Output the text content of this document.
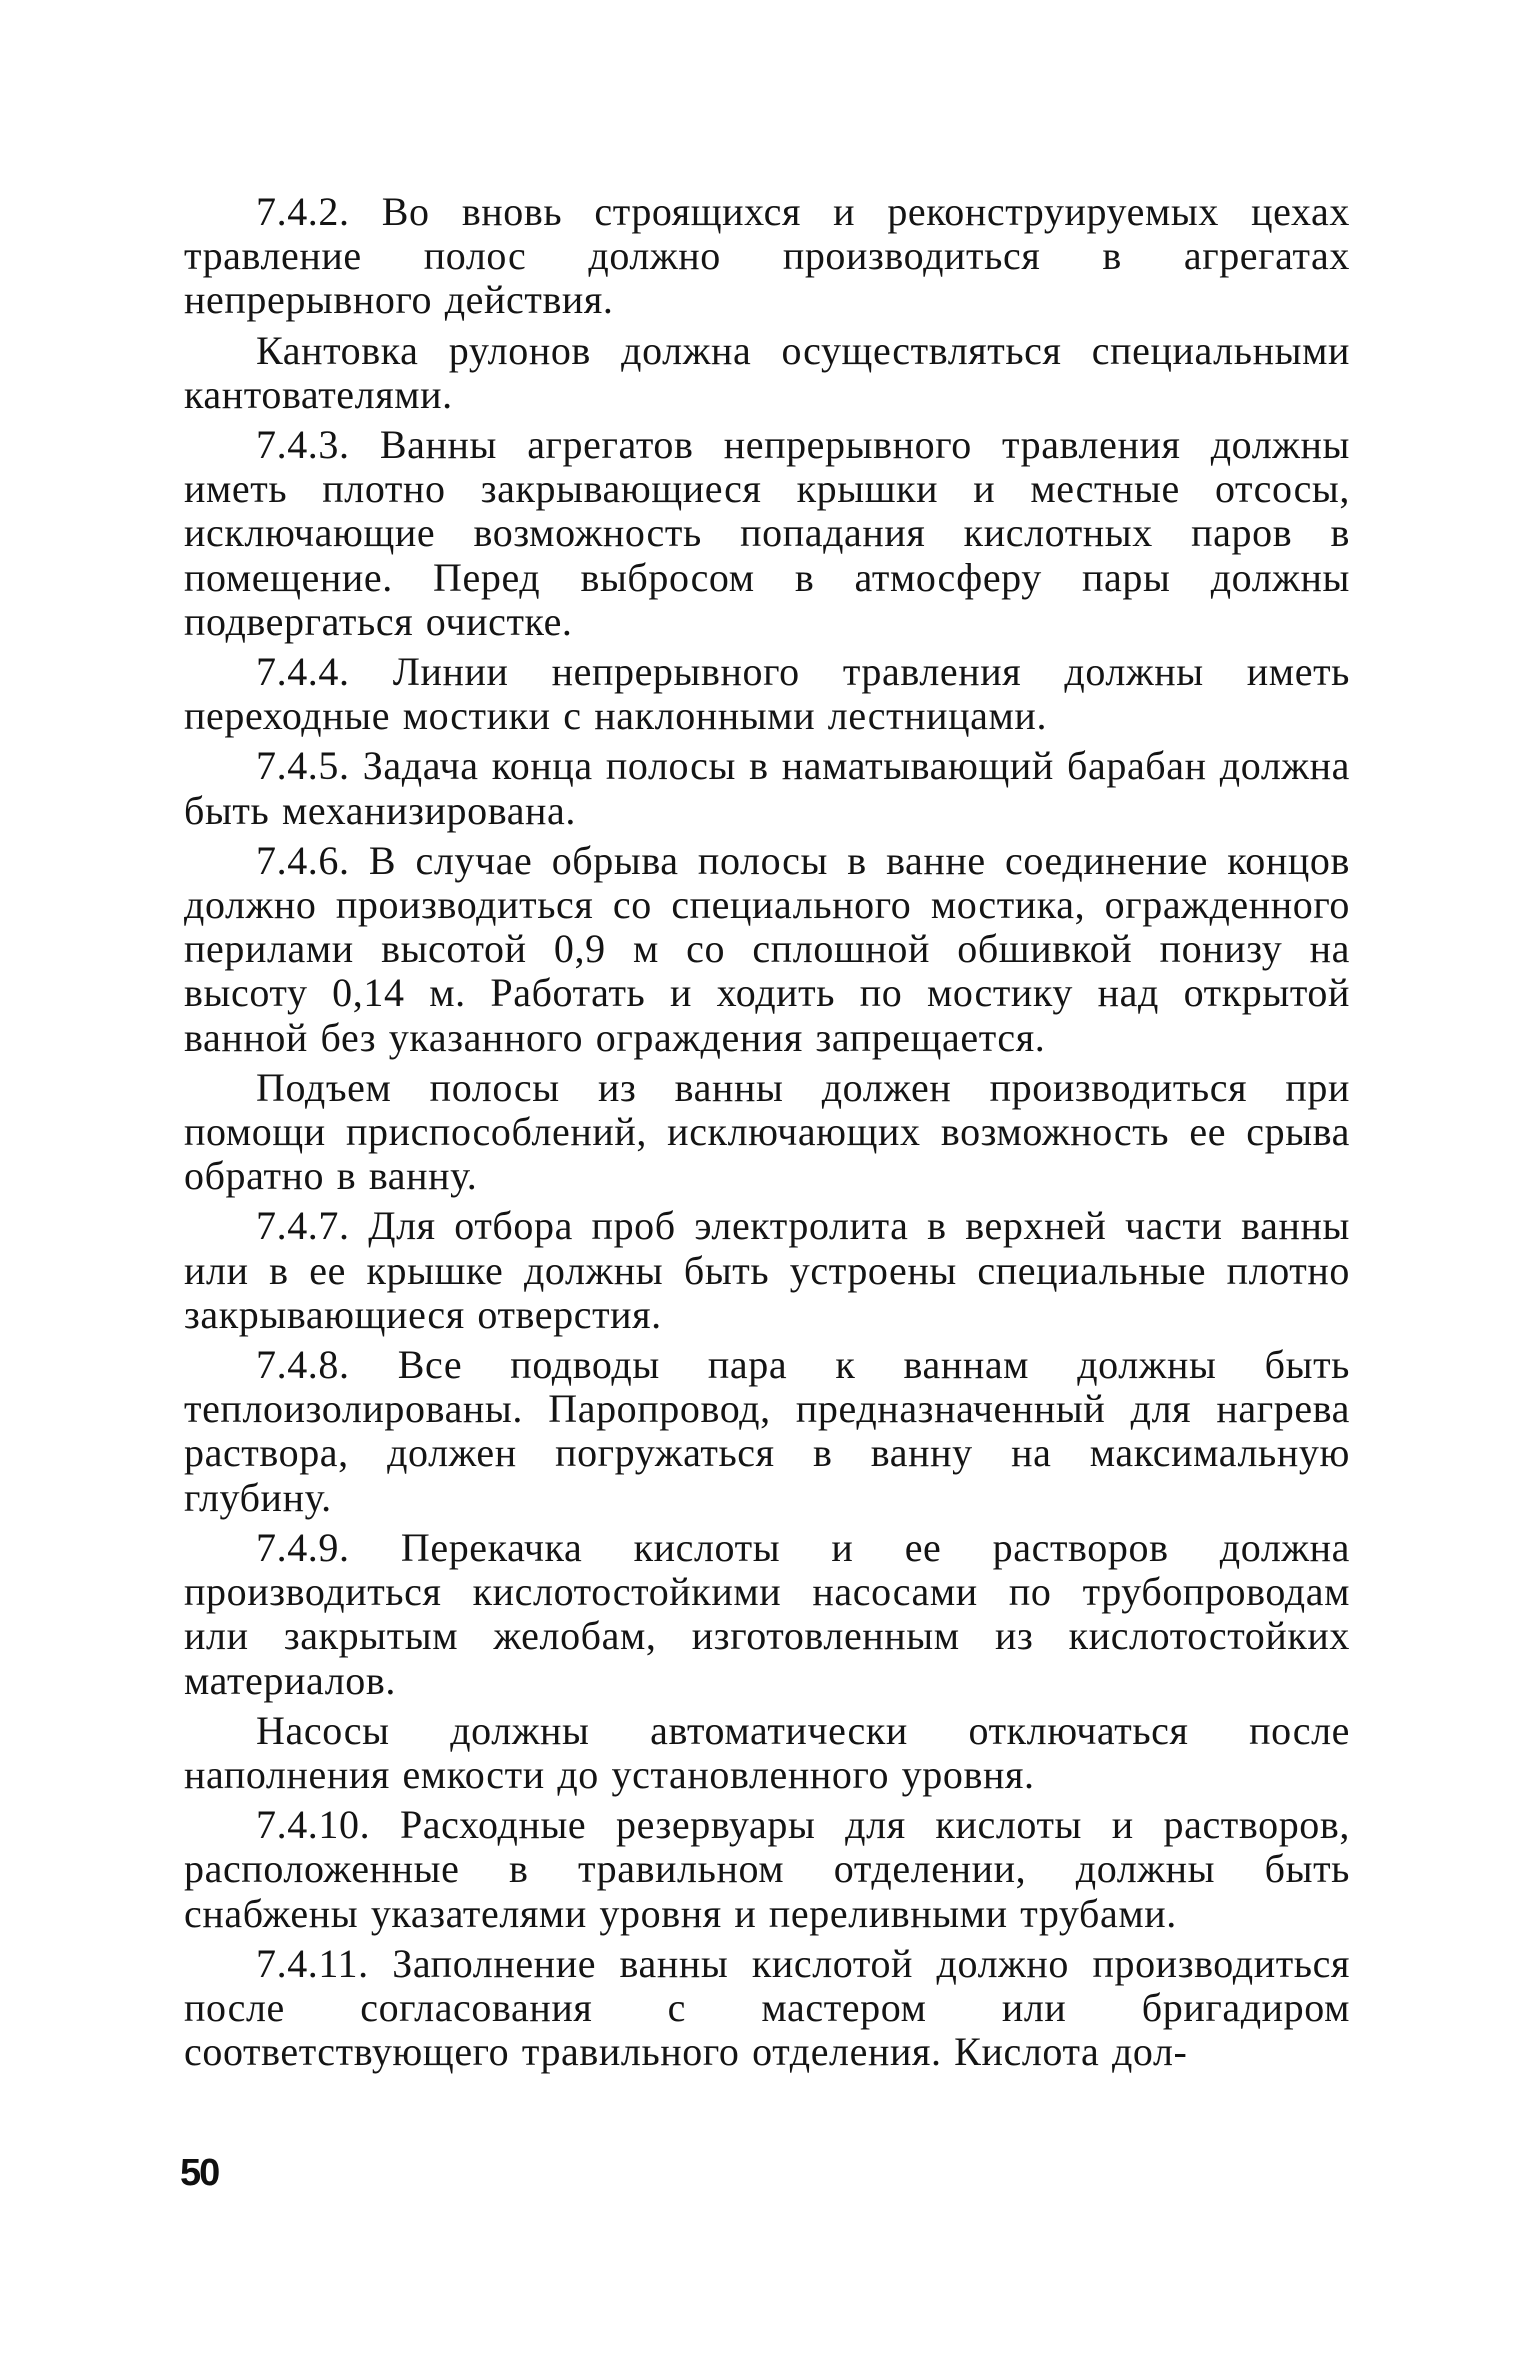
7.4.2. Во вновь строящихся и реконструируемых цехах травление полос должно производиться в агрегатах непрерывного действия.

Кантовка рулонов должна осуществляться специальными кантователями.

7.4.3. Ванны агрегатов непрерывного травления должны иметь плотно закрывающиеся крышки и местные отсосы, исключающие возможность попадания кислотных паров в помещение. Перед выбросом в атмосферу пары должны подвергаться очистке.

7.4.4. Линии непрерывного травления должны иметь переходные мостики с наклонными лестницами.

7.4.5. Задача конца полосы в наматывающий барабан должна быть механизирована.

7.4.6. В случае обрыва полосы в ванне соединение концов должно производиться со специального мостика, огражденного перилами высотой 0,9 м со сплошной обшивкой понизу на высоту 0,14 м. Работать и ходить по мостику над открытой ванной без указанного ограждения запрещается.

Подъем полосы из ванны должен производиться при помощи приспособлений, исключающих возможность ее срыва обратно в ванну.

7.4.7. Для отбора проб электролита в верхней части ванны или в ее крышке должны быть устроены специальные плотно закрывающиеся отверстия.

7.4.8. Все подводы пара к ваннам должны быть теплоизолированы. Паропровод, предназначенный для нагрева раствора, должен погружаться в ванну на максимальную глубину.

7.4.9. Перекачка кислоты и ее растворов должна производиться кислотостойкими насосами по трубопроводам или закрытым желобам, изготовленным из кислотостойких материалов.

Насосы должны автоматически отключаться после наполнения емкости до установленного уровня.

7.4.10. Расходные резервуары для кислоты и растворов, расположенные в травильном отделении, должны быть снабжены указателями уровня и переливными трубами.

7.4.11. Заполнение ванны кислотой должно производиться после согласования с мастером или бригадиром соответствующего травильного отделения. Кислота дол-

50
